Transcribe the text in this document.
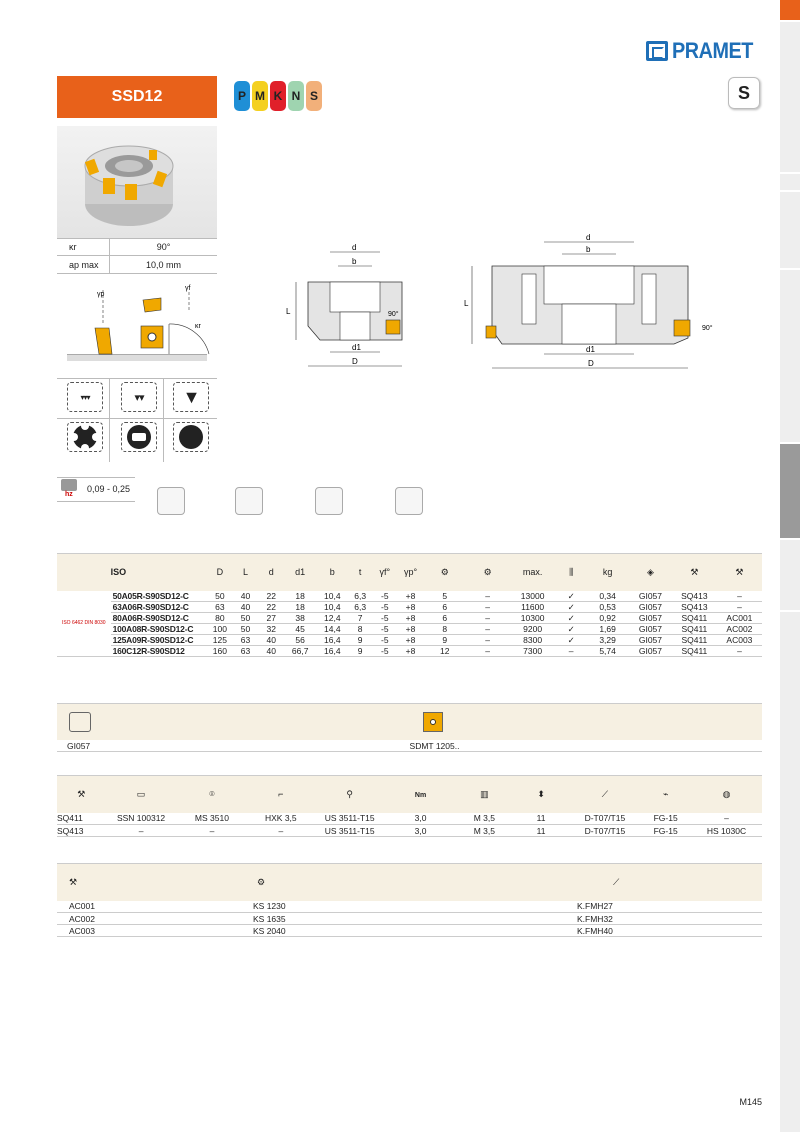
PRAMET
SSD12	P M K N S	S
κr	90°
ap max	10,0 mm
γp
γf
κr
▾▾▾	▾▾	▼
d
b
L
d1
D
90°
d
b
L
d1
D
90°
hz
0,09 - 0,25
	ISO	D	L	d	d1	b	t	γf°	γp°	⚙	⚙	max.	⫼	kg	◈	⚒	⚒

ISO 6462 DIN 8030	50A05R-S90SD12-C	50	40	22	18	10,4	6,3	-5	+8	5	–	13000	✓	0,34	GI057	SQ413	–
	63A06R-S90SD12-C	63	40	22	18	10,4	6,3	-5	+8	6	–	11600	✓	0,53	GI057	SQ413	–
	80A06R-S90SD12-C	80	50	27	38	12,4	7	-5	+8	6	–	10300	✓	0,92	GI057	SQ411	AC001
	100A08R-S90SD12-C	100	50	32	45	14,4	8	-5	+8	8	–	9200	✓	1,69	GI057	SQ411	AC002
	125A09R-S90SD12-C	125	63	40	56	16,4	9	-5	+8	9	–	8300	✓	3,29	GI057	SQ411	AC003
	160C12R-S90SD12	160	63	40	66,7	16,4	9	-5	+8	12	–	7300	–	5,74	GI057	SQ411	–
GI057	SDMT 1205..
⚒	▭	⌾	⌐	⚲	Nm	▥	⬍	⟋	⌁	◍
SQ411	SSN 100312	MS 3510	HXK 3,5	US 3511-T15	3,0	M 3,5	11	D-T07/T15	FG-15	–
SQ413	–	–	–	US 3511-T15	3,0	M 3,5	11	D-T07/T15	FG-15	HS 1030C
⚒	⚙	⟋
AC001	KS 1230	K.FMH27
AC002	KS 1635	K.FMH32
AC003	KS 2040	K.FMH40
M145
